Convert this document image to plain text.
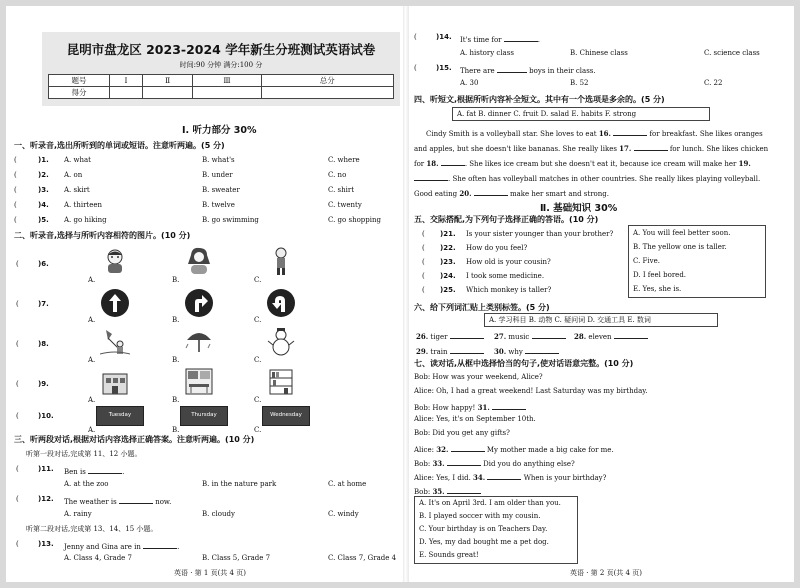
昆明市盘龙区 2023-2024 学年新生分班测试英语试卷
时间:90 分钟 满分:100 分
题号	Ⅰ	Ⅱ	Ⅲ	总分
得分				
Ⅰ. 听力部分 30%
一、听录音,选出所听到的单词或短语。注意听两遍。(5 分)
(	)1. A. what	B. what's	C. where
(	)2. A. on	B. under	C. no
(	)3. A. skirt	B. sweater	C. shirt
(	)4. A. thirteen	B. twelve	C. twenty
(	)5. A. go hiking	B. go swimming	C. go shopping
二、听录音,选择与所听内容相符的图片。(10 分)
(	)6.
A.	B.	C.
(	)7.
A.	B.	C.
(	)8.
A.	B.	C.
(	)9.
A.	B.	C.
(	)10.	Tuesday
A.
Thursday
B.
Wednesday
C.
三、听两段对话,根据对话内容选择正确答案。注意听两遍。(10 分)
听第一段对话,完成第 11、12 小题。
(	)11. Ben is	.
A. at the zoo	B. in the nature park	C. at home
(	)12. The weather is	now.
A. rainy	B. cloudy	C. windy
听第二段对话,完成第 13、14、15 小题。
(	)13. Jenny and Gina are in	.
A. Class 4, Grade 7	B. Class 5, Grade 7	C. Class 7, Grade 4
英语 · 第 1 页(共 4 页)
(	)14. It's time for	.
A. history class	B. Chinese class	C. science class
(	)15. There are	boys in their class.
A. 30	B. 52	C. 22
四、听短文,根据所听内容补全短文。其中有一个选项是多余的。(5 分)
A. fat B. dinner C. fruit D. salad E. habits F. strong
Cindy Smith is a volleyball star. She loves to eat 16.	for breakfast. She likes oranges
and apples, but she doesn't like bananas. She really likes 17.	for lunch. She likes chicken
for 18.	. She likes ice cream but she doesn't eat it, because ice cream will make her 19.
. She often has volleyball matches in other countries. She really likes playing volleyball.
Good eating 20.	make her smart and strong.
Ⅱ. 基础知识 30%
五、交际搭配,为下列句子选择正确的答语。(10 分)
( )21. Is your sister younger than your brother?
( )22. How do you feel?
( )23. How old is your cousin?
( )24. I took some medicine.
( )25. Which monkey is taller?
A. You will feel better soon.
B. The yellow one is taller.
C. Five.
D. I feel bored.
E. Yes, she is.
六、给下列词汇贴上类别标签。(5 分)
A. 学习科目 B. 动物 C. 疑问词 D. 交通工具 E. 数词
26. tiger	27. music	28. eleven
29. train	30. why
七、读对话,从框中选择恰当的句子,使对话语意完整。(10 分)
Bob: How was your weekend, Alice?
Alice: Oh, I had a great weekend! Last Saturday was my birthday.
Bob: How happy! 31.
Alice: Yes, it's on September 10th.
Bob: Did you get any gifts?
Alice: 32.	My mother made a big cake for me.
Bob: 33.	Did you do anything else?
Alice: Yes, I did. 34.	When is your birthday?
Bob: 35.
A. It's on April 3rd. I am older than you.
B. I played soccer with my cousin.
C. Your birthday is on Teachers Day.
D. Yes, my dad bought me a pet dog.
E. Sounds great!
英语 · 第 2 页(共 4 页)
